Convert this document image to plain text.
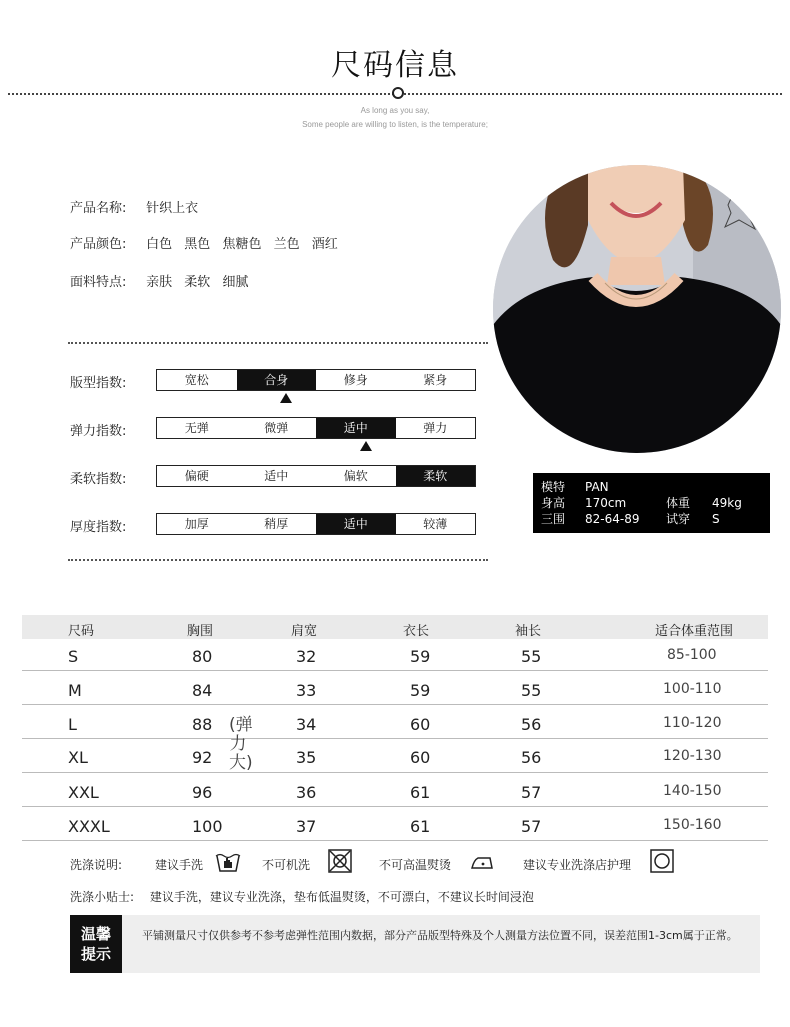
尺码信息
As long as you say,
Some people are willing to listen, is the temperature;
产品名称: 针织上衣
产品颜色: 白色 黑色 焦糖色 兰色 酒红
面料特点: 亲肤 柔软 细腻
版型指数:	宽松	合身	修身	紧身
弹力指数:	无弹	微弹	适中	弹力
柔软指数:	偏硬	适中	偏软	柔软
厚度指数:	加厚	稍厚	适中	较薄
模特	PAN
身高	170cm	体重	49kg
三围	82-64-89	试穿	S
尺码	胸围	肩宽	衣长	袖长	适合体重范围
S	80	32	59	55	85-100
M	84	33	59	55	100-110
L	88	34	60	56	110-120
XL	92	35	60	56	120-130
XXL	96	36	61	57	140-150
XXXL	100	37	61	57	150-160
(弹力大)
洗涤说明:	建议手洗	不可机洗	不可高温熨烫	建议专业洗涤店护理
洗涤小贴士: 建议手洗，建议专业洗涤，垫布低温熨烫，不可漂白，不建议长时间浸泡
温馨
提示
平铺测量尺寸仅供参考不参考虑弹性范围内数据，部分产品版型特殊及个人测量方法位置不同，误差范围1-3cm属于正常。
